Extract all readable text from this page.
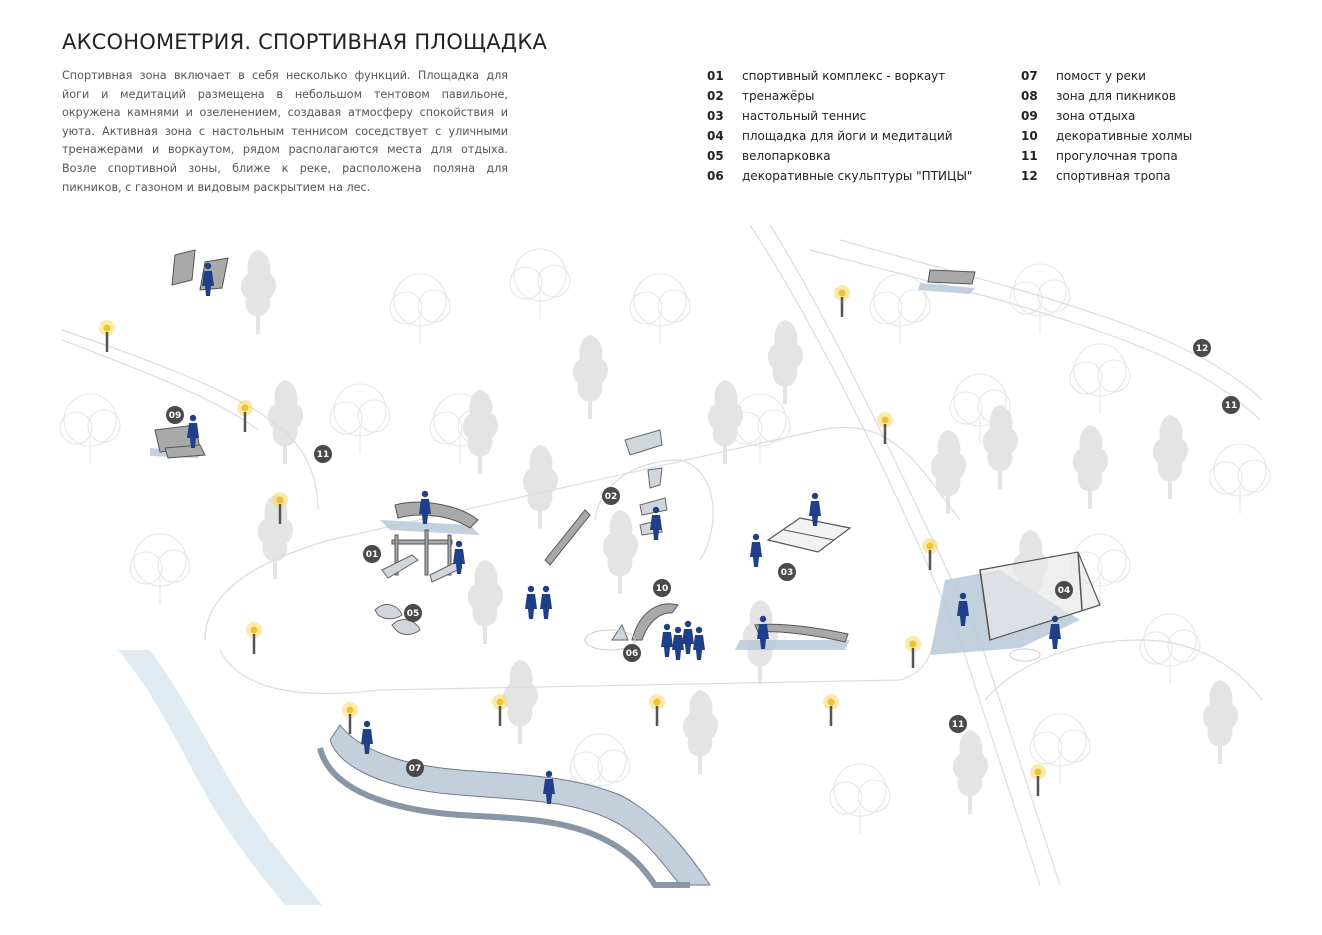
АКСОНОМЕТРИЯ. СПОРТИВНАЯ ПЛОЩАДКА

Спортивная зона включает в себя несколько функций. Площадка для йоги и медитаций размещена в небольшом тентовом павильоне, окружена камнями и озеленением, создавая атмосферу спокойствия и уюта. Активная зона с настольным теннисом соседствует с уличными тренажерами и воркаутом, рядом располагаются места для отдыха. Возле спортивной зоны, ближе к реке, расположена поляна для пикников, с газоном и видовым раскрытием на лес.

01	спортивный комплекс - воркаут
02	тренажёры
03	настольный теннис
04	площадка для йоги и медитаций
05	велопарковка
06	декоративные скульптуры "ПТИЦЫ"
07	помост у реки
08	зона для пикников
09	зона отдыха
10	декоративные холмы
11	прогулочная тропа
12	спортивная тропа
01
02
03
04
05
06
07
09
10
11
11
11
12
